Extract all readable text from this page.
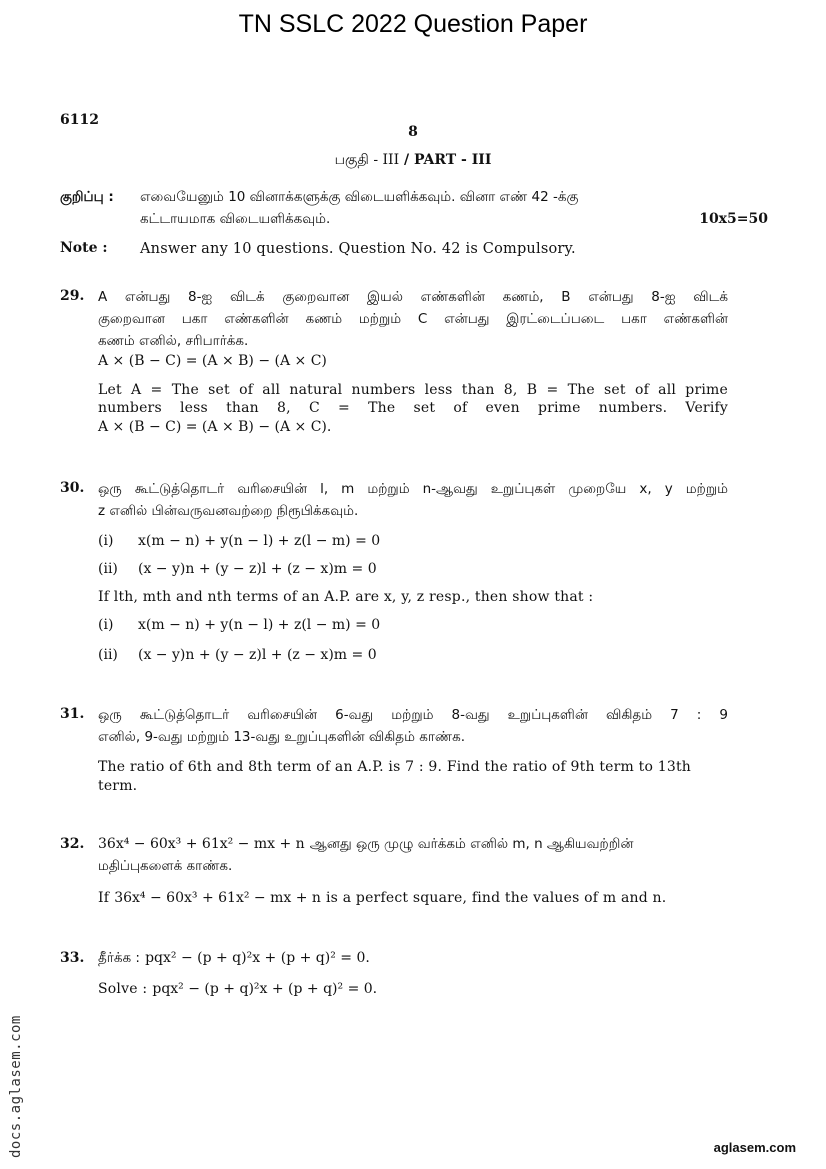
TN SSLC 2022 Question Paper
6112
8
பகுதி - III / PART - III
குறிப்பு : எவையேனும் 10 வினாக்களுக்கு விடையளிக்கவும். வினா எண் 42 -க்கு
கட்டாயமாக விடையளிக்கவும்.	10x5=50
Note : Answer any 10 questions. Question No. 42 is Compulsory.
29. A என்பது 8-ஐ விடக் குறைவான இயல் எண்களின் கணம், B என்பது 8-ஐ விடக்
குறைவான பகா எண்களின் கணம் மற்றும் C என்பது இரட்டைப்படை பகா எண்களின்
கணம் எனில், சரிபார்க்க.
A × (B − C) = (A × B) − (A × C)
Let A = The set of all natural numbers less than 8, B = The set of all prime
numbers less than 8, C = The set of even prime numbers. Verify
A × (B − C) = (A × B) − (A × C).
30. ஒரு கூட்டுத்தொடர் வரிசையின் l, m மற்றும் n-ஆவது உறுப்புகள் முறையே x, y மற்றும்
z எனில் பின்வருவனவற்றை நிரூபிக்கவும்.
(i) x(m − n) + y(n − l) + z(l − m) = 0
(ii) (x − y)n + (y − z)l + (z − x)m = 0
If lth, mth and nth terms of an A.P. are x, y, z resp., then show that :
(i) x(m − n) + y(n − l) + z(l − m) = 0
(ii) (x − y)n + (y − z)l + (z − x)m = 0
31. ஒரு கூட்டுத்தொடர் வரிசையின் 6-வது மற்றும் 8-வது உறுப்புகளின் விகிதம் 7 : 9
எனில், 9-வது மற்றும் 13-வது உறுப்புகளின் விகிதம் காண்க.
The ratio of 6th and 8th term of an A.P. is 7 : 9. Find the ratio of 9th term to 13th
term.
32. 36x⁴ − 60x³ + 61x² − mx + n ஆனது ஒரு முழு வர்க்கம் எனில் m, n ஆகியவற்றின்
மதிப்புகளைக் காண்க.
If 36x⁴ − 60x³ + 61x² − mx + n is a perfect square, find the values of m and n.
33. தீர்க்க : pqx² − (p + q)²x + (p + q)² = 0.
Solve : pqx² − (p + q)²x + (p + q)² = 0.
docs.aglasem.com	aglasem.com
